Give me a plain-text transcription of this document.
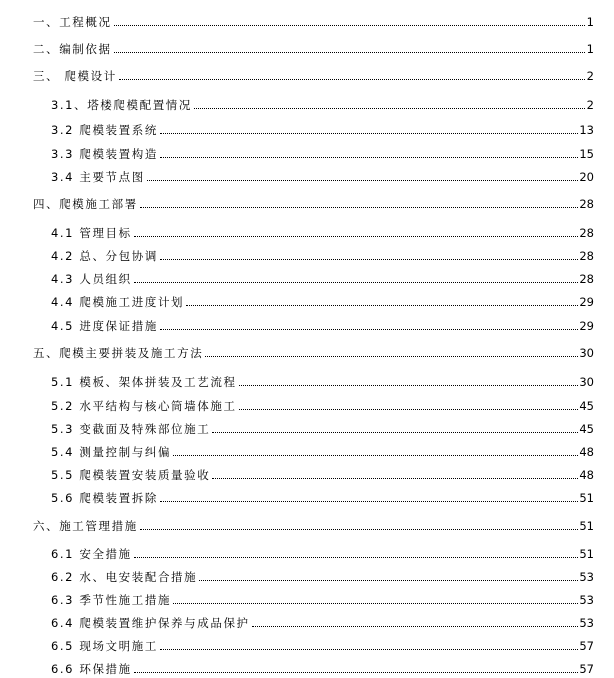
一、工程概况	1
二、编制依据	1
三、 爬模设计	2
3.1、塔楼爬模配置情况	2
3.2 爬模装置系统	13
3.3 爬模装置构造	15
3.4 主要节点图	20
四、爬模施工部署	28
4.1 管理目标	28
4.2 总、分包协调	28
4.3 人员组织	28
4.4 爬模施工进度计划	29
4.5 进度保证措施	29
五、爬模主要拼装及施工方法	30
5.1 模板、架体拼装及工艺流程	30
5.2 水平结构与核心筒墙体施工	45
5.3 变截面及特殊部位施工	45
5.4 测量控制与纠偏	48
5.5 爬模装置安装质量验收	48
5.6 爬模装置拆除	51
六、施工管理措施	51
6.1 安全措施	51
6.2 水、电安装配合措施	53
6.3 季节性施工措施	53
6.4 爬模装置维护保养与成品保护	53
6.5 现场文明施工	57
6.6 环保措施	57
